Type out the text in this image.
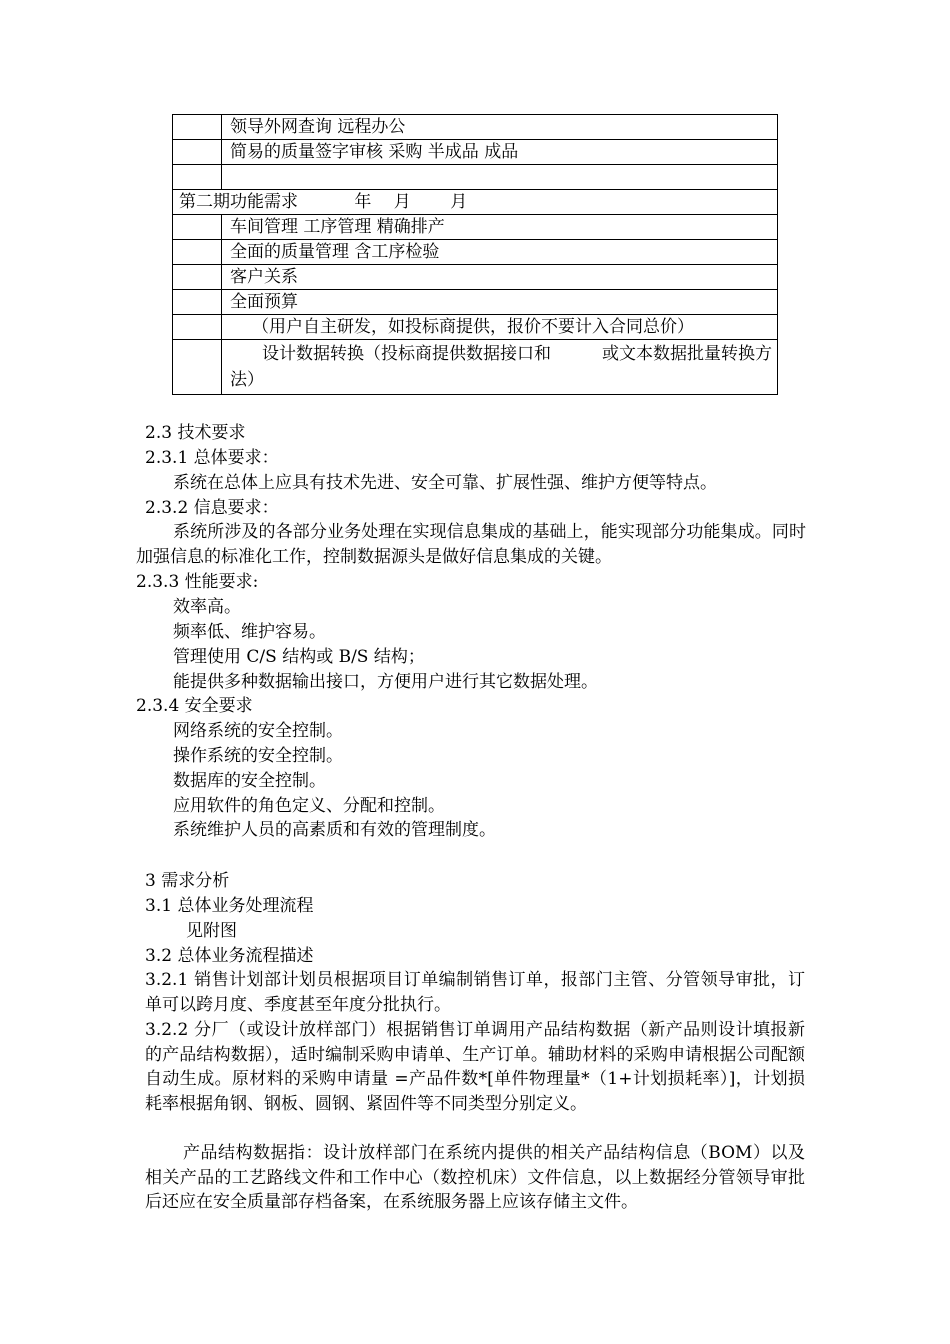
	领导外网查询 远程办公
	简易的质量签字审核 采购 半成品 成品

第二期功能需求 　　　年　 月 　　月	
	车间管理 工序管理 精确排产
	全面的质量管理 含工序检验
	客户关系
	全面预算
	（用户自主研发，如投标商提供，报价不要计入合同总价）
	设计数据转换（投标商提供数据接口和　　　或文本数据批量转换方法）
2.3 技术要求
2.3.1 总体要求：
系统在总体上应具有技术先进、安全可靠、扩展性强、维护方便等特点。
2.3.2 信息要求：
系统所涉及的各部分业务处理在实现信息集成的基础上，能实现部分功能集成。同时加强信息的标准化工作，控制数据源头是做好信息集成的关键。
2.3.3 性能要求:
效率高。
频率低、维护容易。
管理使用 C/S 结构或 B/S 结构；
能提供多种数据输出接口，方便用户进行其它数据处理。
2.3.4 安全要求
网络系统的安全控制。
操作系统的安全控制。
数据库的安全控制。
应用软件的角色定义、分配和控制。
系统维护人员的高素质和有效的管理制度。
3 需求分析
3.1 总体业务处理流程
见附图
3.2 总体业务流程描述
3.2.1 销售计划部计划员根据项目订单编制销售订单，报部门主管、分管领导审批，订单可以跨月度、季度甚至年度分批执行。
3.2.2 分厂（或设计放样部门）根据销售订单调用产品结构数据（新产品则设计填报新的产品结构数据），适时编制采购申请单、生产订单。辅助材料的采购申请根据公司配额自动生成。原材料的采购申请量 =产品件数*[单件物理量*（1+计划损耗率）]，计划损耗率根据角钢、钢板、圆钢、紧固件等不同类型分别定义。
产品结构数据指：设计放样部门在系统内提供的相关产品结构信息（BOM）以及相关产品的工艺路线文件和工作中心（数控机床）文件信息，以上数据经分管领导审批后还应在安全质量部存档备案，在系统服务器上应该存储主文件。
